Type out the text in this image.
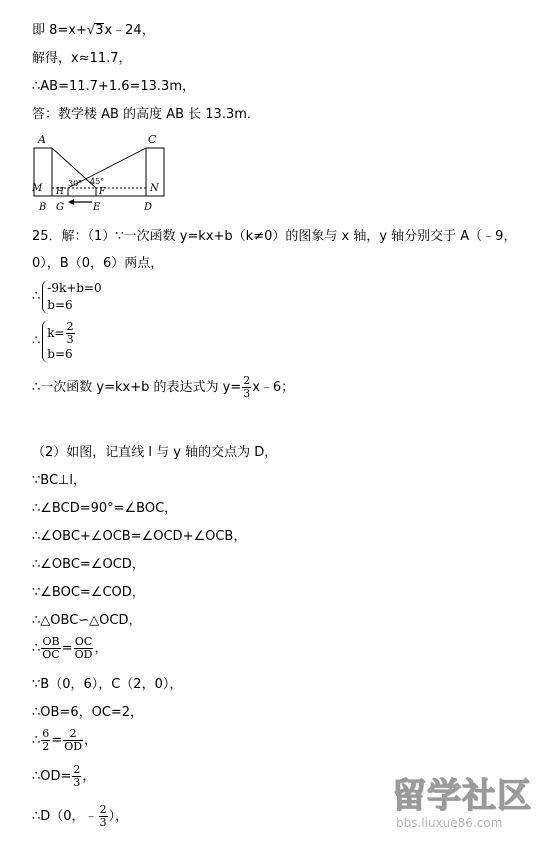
即 8=x+√3x﹣24，
解得，x≈11.7，
∴AB=11.7+1.6=13.3m，
答：教学楼 AB 的高度 AB 长 13.3m．
A	C
M	N
H	F
30° 45°
B G	E	D
25．解：（1）∵一次函数 y=kx+b（k≠0）的图象与 x 轴，y 轴分别交于 A（﹣9，
0），B（0，6）两点，
∴
-9k+b=0
b=6
∴
$k= \frac{2}{3}$
b=6
∴一次函数 y=kx+b 的表达式为 $y= \frac{2}{3}$ x﹣6；
（2）如图，记直线 l 与 y 轴的交点为 D，
∵BC⊥l，
∴∠BCD=90°=∠BOC，
∴∠OBC+∠OCB=∠OCD+∠OCB，
∴∠OBC=∠OCD，
∵∠BOC=∠COD，
∴△OBC∽△OCD，
∴ $\frac{OB}{OC} = \frac{OC}{OD}$ ，
∵B（0，6），C（2，0），
∴OB=6，OC=2，
∴ $\frac{6}{2} = \frac{2}{OD}$ ，
∴OD= $\frac{2}{3}$ ，
∴D（0，﹣ $\frac{2}{3}$ ），
留学社区
bbs.liuxue86.com
